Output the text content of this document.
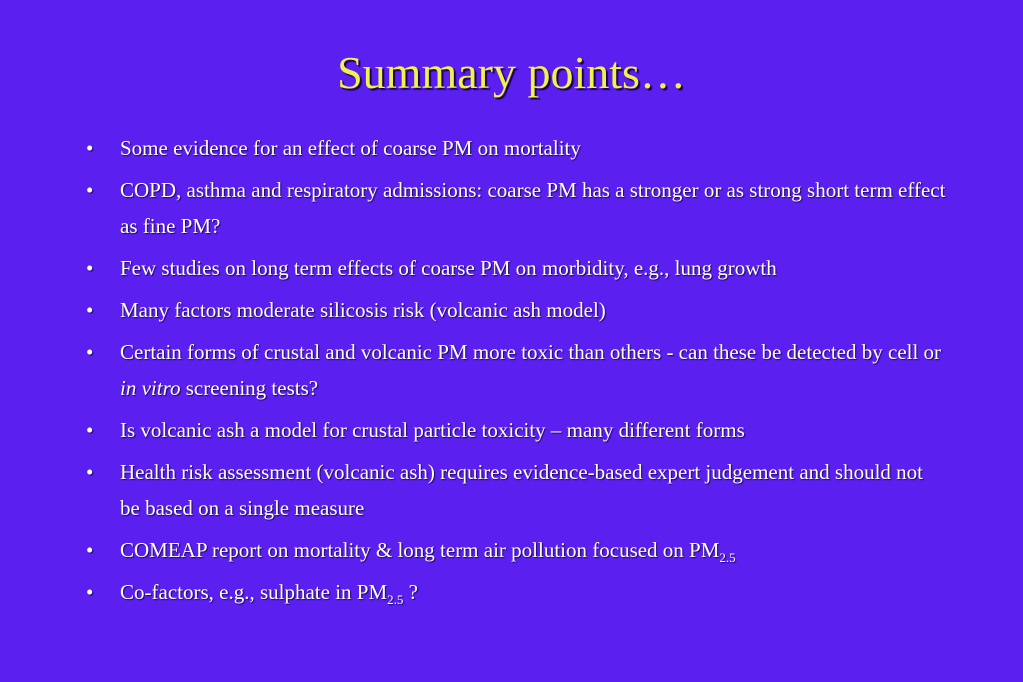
Summary points…
•	Some evidence for an effect of coarse PM on mortality
•	COPD, asthma and respiratory admissions: coarse PM has a stronger or as strong short term effect as fine PM?
•	Few studies on long term effects of coarse PM on morbidity, e.g., lung growth
•	Many factors moderate silicosis risk (volcanic ash model)
•	Certain forms of crustal and volcanic PM more toxic than others - can these be detected by cell or in vitro screening tests?
•	Is volcanic ash a model for crustal particle toxicity – many different forms
•	Health risk assessment (volcanic ash) requires evidence-based expert judgement and should not be based on a single measure
•	COMEAP report on mortality & long term air pollution focused on $PM_{2.5}$
•	Co-factors, e.g., sulphate in $PM_{2.5}$ ?
